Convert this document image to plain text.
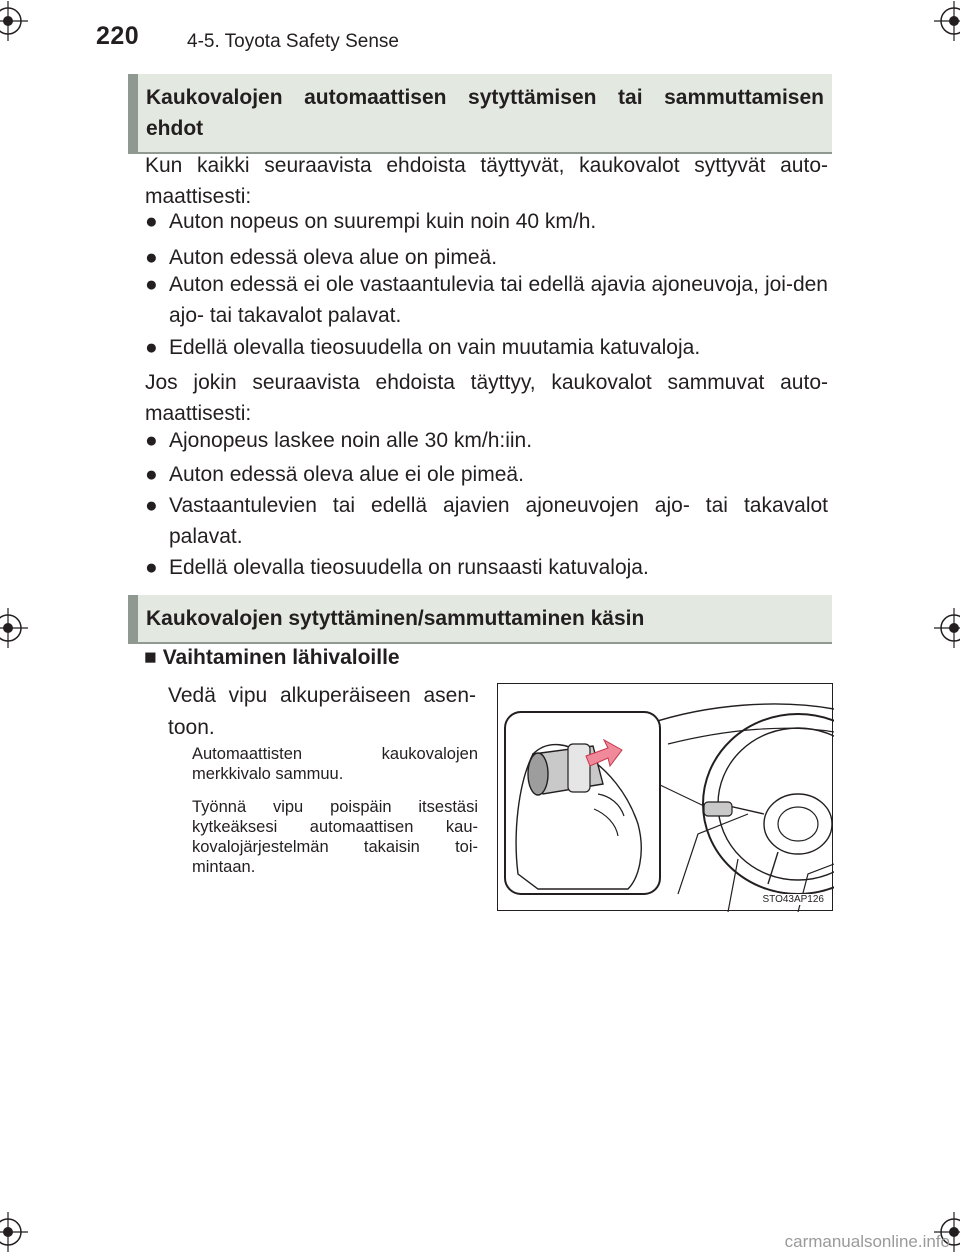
220	4-5. Toyota Safety Sense
Kaukovalojen automaattisen sytyttämisen tai sammuttamisen ehdot
Kun kaikki seuraavista ehdoista täyttyvät, kaukovalot syttyvät auto-maattisesti:
● Auton nopeus on suurempi kuin noin 40 km/h.
● Auton edessä oleva alue on pimeä.
● Auton edessä ei ole vastaantulevia tai edellä ajavia ajoneuvoja, joi-den ajo- tai takavalot palavat.
● Edellä olevalla tieosuudella on vain muutamia katuvaloja.
Jos jokin seuraavista ehdoista täyttyy, kaukovalot sammuvat auto-maattisesti:
● Ajonopeus laskee noin alle 30 km/h:iin.
● Auton edessä oleva alue ei ole pimeä.
● Vastaantulevien tai edellä ajavien ajoneuvojen ajo- tai takavalot palavat.
● Edellä olevalla tieosuudella on runsaasti katuvaloja.
Kaukovalojen sytyttäminen/sammuttaminen käsin
■ Vaihtaminen lähivaloille
Vedä vipu alkuperäiseen asen-toon.
Automaattisten kaukovalojen merkkivalo sammuu.
Työnnä vipu poispäin itsestäsi kytkeäksesi automaattisen kau-kovalojärjestelmän takaisin toi-mintaan.
STO43AP126
carmanualsonline.info
